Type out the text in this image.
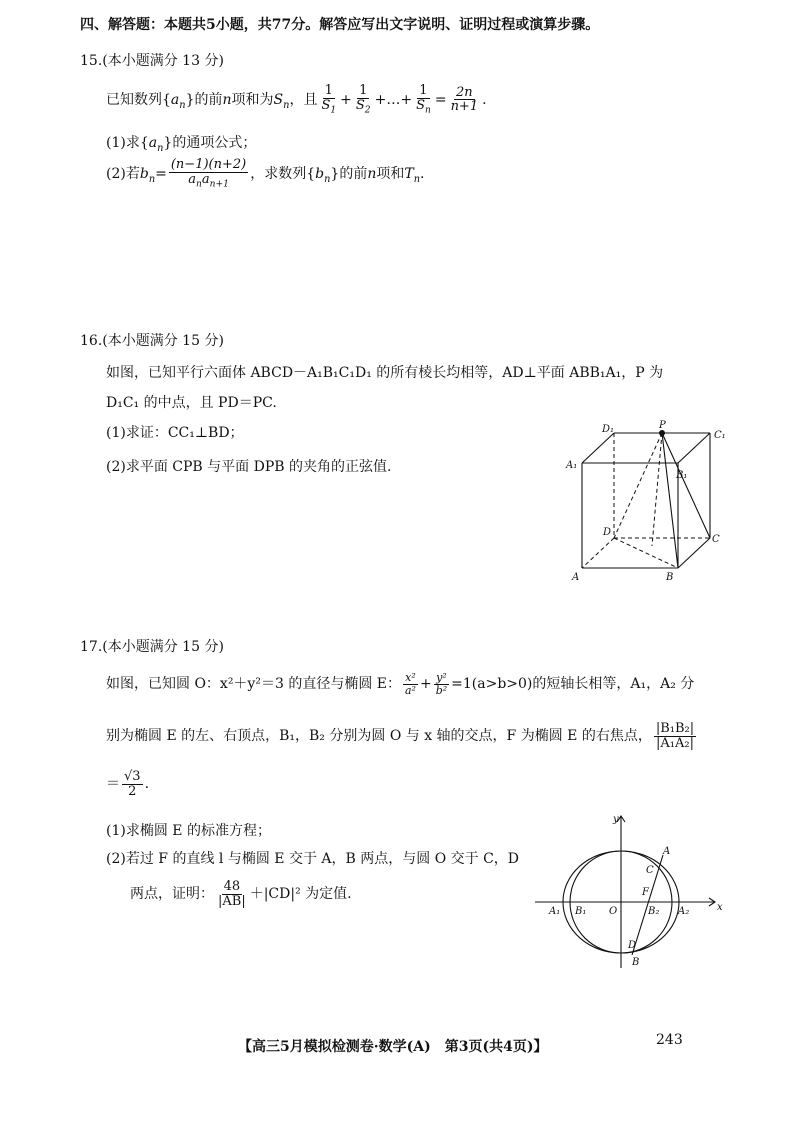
四、解答题：本题共5小题，共77分。解答应写出文字说明、证明过程或演算步骤。
15.(本小题满分 13 分)
已知数列$\{a_n\}$的前n项和为$S_n$，且 $\frac{1}{S_1} + \frac{1}{S_2}$ +…+ $\frac{1}{S_n} = \frac{2n}{n+1}$ .
(1)求$\{a_n\}$的通项公式；
(2)若$b_n= \frac{(n-1)(n+2)}{a_na_{n+1}}$ ，求数列$\{b_n\}$的前n项和$T_n$.
16.(本小题满分 15 分)
如图，已知平行六面体 ABCD－A₁B₁C₁D₁ 的所有棱长均相等，AD⊥平面 ABB₁A₁，P 为
D₁C₁ 的中点，且 PD＝PC.
(1)求证：CC₁⊥BD；
(2)求平面 CPB 与平面 DPB 的夹角的正弦值.
D₁	P
C₁
A₁
B₁
D
A	B
C
17.(本小题满分 15 分)
如图，已知圆 O：x²＋y²＝3 的直径与椭圆 E： $\frac{\text{x²}}{\text{a²}} + \frac{\text{y²}}{\text{b²}} =1(a>b>0)$的短轴长相等，A₁，A₂ 分
别为椭圆 E 的左、右顶点，B₁，B₂ 分别为圆 O 与 x 轴的交点，F 为椭圆 E 的右焦点， $\frac{\text{|B₁B₂|}}{\text{|A₁A₂|}}$
＝ $\frac{√3}{2}$ .
(1)求椭圆 E 的标准方程；
(2)若过 F 的直线 l 与椭圆 E 交于 A，B 两点，与圆 O 交于 C，D
两点，证明： $\frac{48}{|AB|} +|CD|^2$ 为定值.
y
x
A
C
F
A₁ B₁ O	B₂ A₂
D
B
【高三5月模拟检测卷·数学(A)　第3页(共4页)】	243
